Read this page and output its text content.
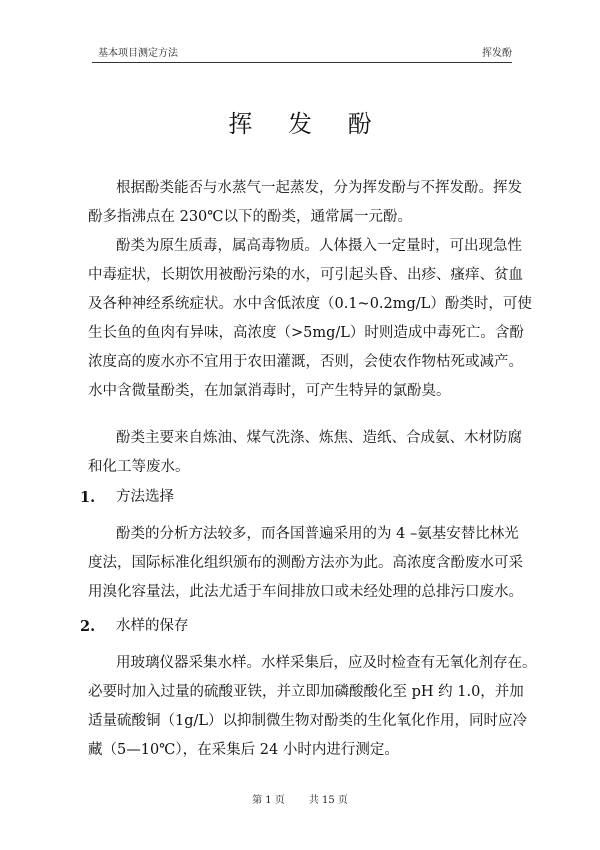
基本项目测定方法	挥发酚
挥 发 酚

根据酚类能否与水蒸气一起蒸发，分为挥发酚与不挥发酚。挥发
酚多指沸点在 230℃以下的酚类，通常属一元酚。

酚类为原生质毒，属高毒物质。人体摄入一定量时，可出现急性
中毒症状，长期饮用被酚污染的水，可引起头昏、出疹、瘙痒、贫血
及各种神经系统症状。水中含低浓度（0.1~0.2mg/L）酚类时，可使
生长鱼的鱼肉有异味，高浓度（>5mg/L）时则造成中毒死亡。含酚
浓度高的废水亦不宜用于农田灌溉，否则，会使农作物枯死或减产。
水中含微量酚类，在加氯消毒时，可产生特异的氯酚臭。

酚类主要来自炼油、煤气洗涤、炼焦、造纸、合成氨、木材防腐
和化工等废水。

1. 方法选择

酚类的分析方法较多，而各国普遍采用的为 4 –氨基安替比林光
度法，国际标准化组织颁布的测酚方法亦为此。高浓度含酚废水可采
用溴化容量法，此法尤适于车间排放口或未经处理的总排污口废水。

2. 水样的保存

用玻璃仪器采集水样。水样采集后，应及时检查有无氧化剂存在。
必要时加入过量的硫酸亚铁，并立即加磷酸酸化至 pH 约 1.0，并加
适量硫酸铜（1g/L）以抑制微生物对酚类的生化氧化作用，同时应冷
藏（5—10℃），在采集后 24 小时内进行测定。

第 1 页 共 15 页
